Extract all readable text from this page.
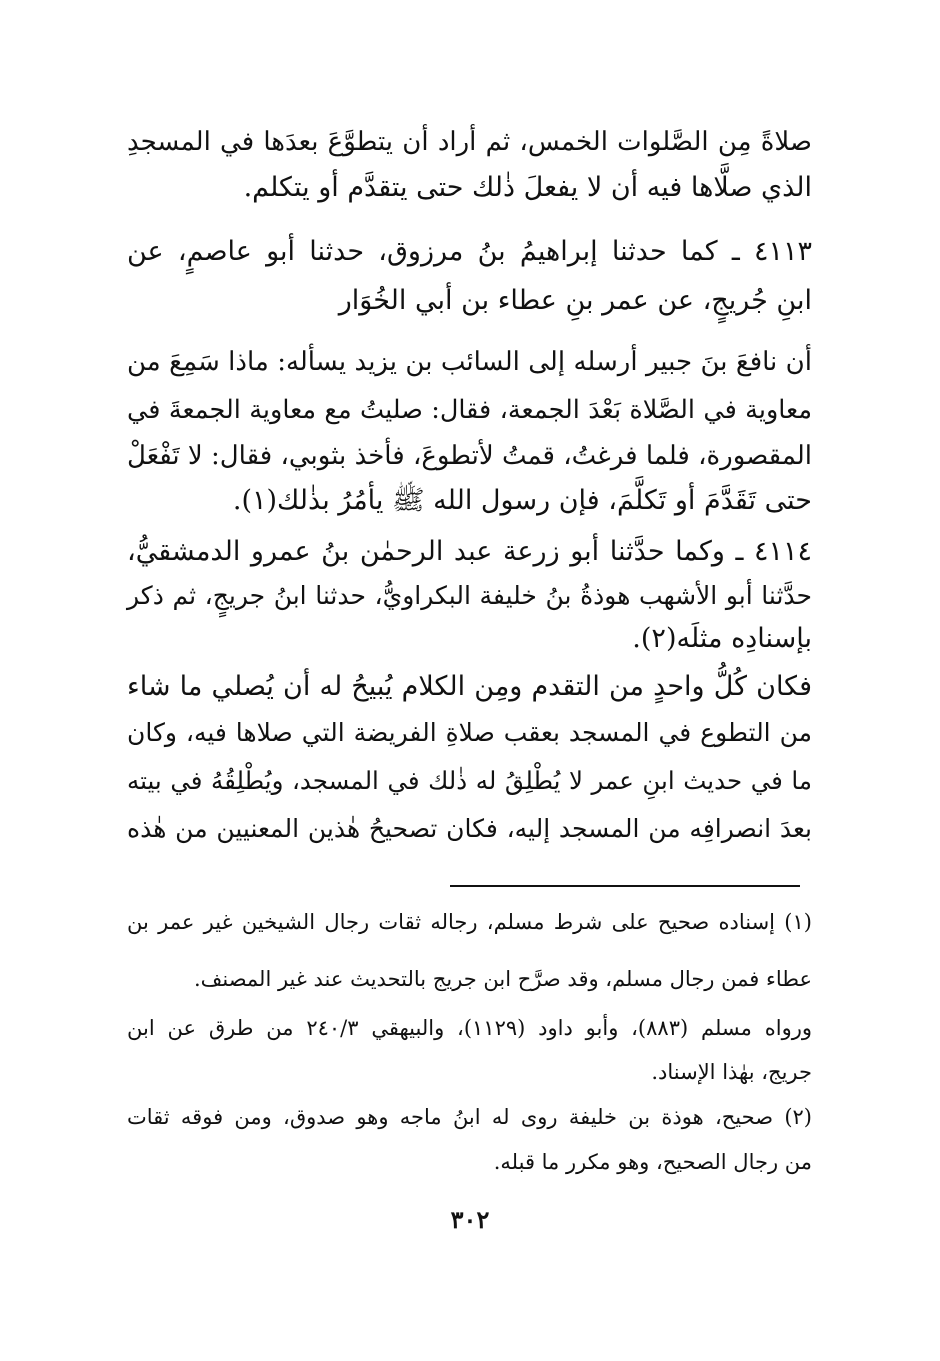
صلاةً مِن الصَّلوات الخمس، ثم أراد أن يتطوَّعَ بعدَها في المسجدِ
الذي صلَّاها فيه أن لا يفعلَ ذٰلك حتى يتقدَّم أو يتكلم.
٤١١٣ ـ كما حدثنا إبراهيمُ بنُ مرزوق، حدثنا أبو عاصمٍ، عن
ابنِ جُريجٍ، عن عمر بنِ عطاء بن أبي الخُوَار
أن نافعَ بنَ جبير أرسله إلى السائب بن يزيد يسأله: ماذا سَمِعَ من
معاوية في الصَّلاة بَعْدَ الجمعة، فقال: صليتُ مع معاوية الجمعةَ في
المقصورة، فلما فرغتُ، قمتُ لأتطوعَ، فأخذ بثوبي، فقال: لا تَفْعَلْ
حتى تَقَدَّمَ أو تَكلَّمَ، فإن رسول الله ﷺ يأمُرُ بذٰلك(١).
٤١١٤ ـ وكما حدَّثنا أبو زرعة عبد الرحمٰن بنُ عمرو الدمشقيُّ،
حدَّثنا أبو الأشهب هوذةُ بنُ خليفة البكراويُّ، حدثنا ابنُ جريجٍ، ثم ذكر
بإسنادِه مثلَه(٢).
فكان كُلُّ واحدٍ من التقدم ومِن الكلام يُبيحُ له أن يُصلي ما شاء
من التطوع في المسجد بعقب صلاةِ الفريضة التي صلاها فيه، وكان
ما في حديث ابنِ عمر لا يُطْلِقُ له ذٰلك في المسجد، ويُطْلِقُهُ في بيته
بعدَ انصرافِه من المسجد إليه، فكان تصحيحُ هٰذين المعنيين من هٰذه
(١) إسناده صحيح على شرط مسلم، رجاله ثقات رجال الشيخين غير عمر بن
عطاء فمن رجال مسلم، وقد صرَّح ابن جريج بالتحديث عند غير المصنف.
ورواه مسلم (٨٨٣)، وأبو داود (١١٢٩)، والبيهقي ٢٤٠/٣ من طرق عن ابن
جريج، بهٰذا الإسناد.
(٢) صحيح، هوذة بن خليفة روى له ابنُ ماجه وهو صدوق، ومن فوقه ثقات
من رجال الصحيح، وهو مكرر ما قبله.
٣٠٢
